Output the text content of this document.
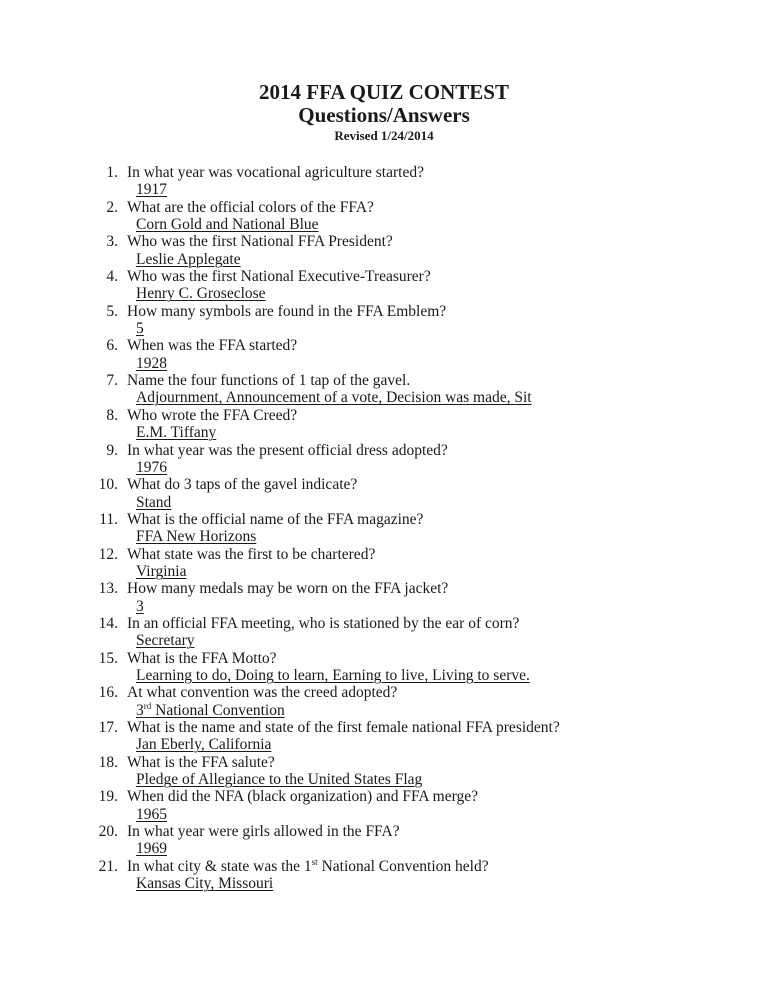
2014 FFA QUIZ CONTEST

Questions/Answers

Revised 1/24/2014

1. In what year was vocational agriculture started?
1917
2. What are the official colors of the FFA?
Corn Gold and National Blue
3. Who was the first National FFA President?
Leslie Applegate
4. Who was the first National Executive-Treasurer?
Henry C. Groseclose
5. How many symbols are found in the FFA Emblem?
5
6. When was the FFA started?
1928
7. Name the four functions of 1 tap of the gavel.
Adjournment, Announcement of a vote, Decision was made, Sit
8. Who wrote the FFA Creed?
E.M. Tiffany
9. In what year was the present official dress adopted?
1976
10. What do 3 taps of the gavel indicate?
Stand
11. What is the official name of the FFA magazine?
FFA New Horizons
12. What state was the first to be chartered?
Virginia
13. How many medals may be worn on the FFA jacket?
3
14. In an official FFA meeting, who is stationed by the ear of corn?
Secretary
15. What is the FFA Motto?
Learning to do, Doing to learn, Earning to live, Living to serve.
16. At what convention was the creed adopted?
3rd National Convention
17. What is the name and state of the first female national FFA president?
Jan Eberly, California
18. What is the FFA salute?
Pledge of Allegiance to the United States Flag
19. When did the NFA (black organization) and FFA merge?
1965
20. In what year were girls allowed in the FFA?
1969
21. In what city & state was the 1st National Convention held?
Kansas City, Missouri
